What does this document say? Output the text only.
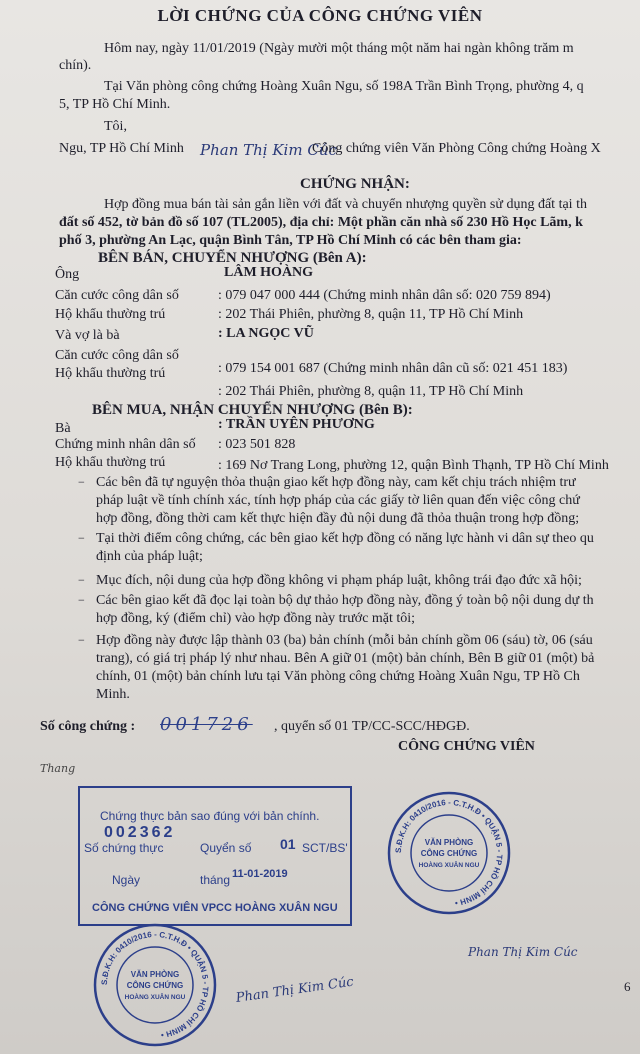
LỜI CHỨNG CỦA CÔNG CHỨNG VIÊN
Hôm nay, ngày 11/01/2019 (Ngày mười một tháng một năm hai ngàn không trăm m
chín).
Tại Văn phòng công chứng Hoàng Xuân Ngu, số 198A Trần Bình Trọng, phường 4, q
5, TP Hồ Chí Minh.
Tôi,
Ngu, TP Hồ Chí Minh Phan Thị Kim Cúc
Công chứng viên Văn Phòng Công chứng Hoàng X
CHỨNG NHẬN:
Hợp đồng mua bán tài sản gắn liền với đất và chuyển nhượng quyền sử dụng đất tại th
đất số 452, tờ bản đồ số 107 (TL2005), địa chỉ: Một phần căn nhà số 230 Hồ Học Lãm, k
phố 3, phường An Lạc, quận Bình Tân, TP Hồ Chí Minh có các bên tham gia:
BÊN BÁN, CHUYỂN NHƯỢNG (Bên A):
Ông	LÂM HOÀNG
Căn cước công dân số	: 079 047 000 444 (Chứng minh nhân dân số: 020 759 894)
Hộ khẩu thường trú	: 202 Thái Phiên, phường 8, quận 11, TP Hồ Chí Minh
Và vợ là bà	: LA NGỌC VŨ
Căn cước công dân số
: 079 154 001 687 (Chứng minh nhân dân cũ số: 021 451 183)
Hộ khẩu thường trú
: 202 Thái Phiên, phường 8, quận 11, TP Hồ Chí Minh
BÊN MUA, NHẬN CHUYỂN NHƯỢNG (Bên B):
Bà	: TRẦN UYÊN PHƯƠNG
Chứng minh nhân dân số : 023 501 828
Hộ khẩu thường trú	: 169 Nơ Trang Long, phường 12, quận Bình Thạnh, TP Hồ Chí Minh
− Các bên đã tự nguyện thỏa thuận giao kết hợp đồng này, cam kết chịu trách nhiệm trư
pháp luật về tính chính xác, tính hợp pháp của các giấy tờ liên quan đến việc công chứ
hợp đồng, đồng thời cam kết thực hiện đầy đủ nội dung đã thỏa thuận trong hợp đồng;
− Tại thời điểm công chứng, các bên giao kết hợp đồng có năng lực hành vi dân sự theo qu
định của pháp luật;
− Mục đích, nội dung của hợp đồng không vi phạm pháp luật, không trái đạo đức xã hội;
− Các bên giao kết đã đọc lại toàn bộ dự thảo hợp đồng này, đồng ý toàn bộ nội dung dự th
hợp đồng, ký (điểm chỉ) vào hợp đồng này trước mặt tôi;
− Hợp đồng này được lập thành 03 (ba) bản chính (mỗi bản chính gồm 06 (sáu) tờ, 06 (sáu
trang), có giá trị pháp lý như nhau. Bên A giữ 01 (một) bản chính, Bên B giữ 01 (một) bả
chính, 01 (một) bản chính lưu tại Văn phòng công chứng Hoàng Xuân Ngu, TP Hồ Ch
Minh.
Số công chứng : 001726 , quyển số 01 TP/CC-SCC/HĐGĐ.
CÔNG CHỨNG VIÊN
Thang
Chứng thực bản sao đúng với bản chính.
002362
Số chứng thực	Quyển số 01 SCT/BS'
Ngày	tháng 11-01-2019
CÔNG CHỨNG VIÊN VPCC HOÀNG XUÂN NGU
S.Đ.K.H: 0410/2016 - C.T.H.Đ • QUẬN 5 - TP HỒ CHÍ MINH •
VĂN PHÒNG
CÔNG CHỨNG
HOÀNG XUÂN NGU
S.Đ.K.H: 0410/2016 - C.T.H.Đ • QUẬN 5 - TP HỒ CHÍ MINH •
VĂN PHÒNG
CÔNG CHỨNG
HOÀNG XUÂN NGU
Phan Thị Kim Cúc
Phan Thị Kim Cúc	6
